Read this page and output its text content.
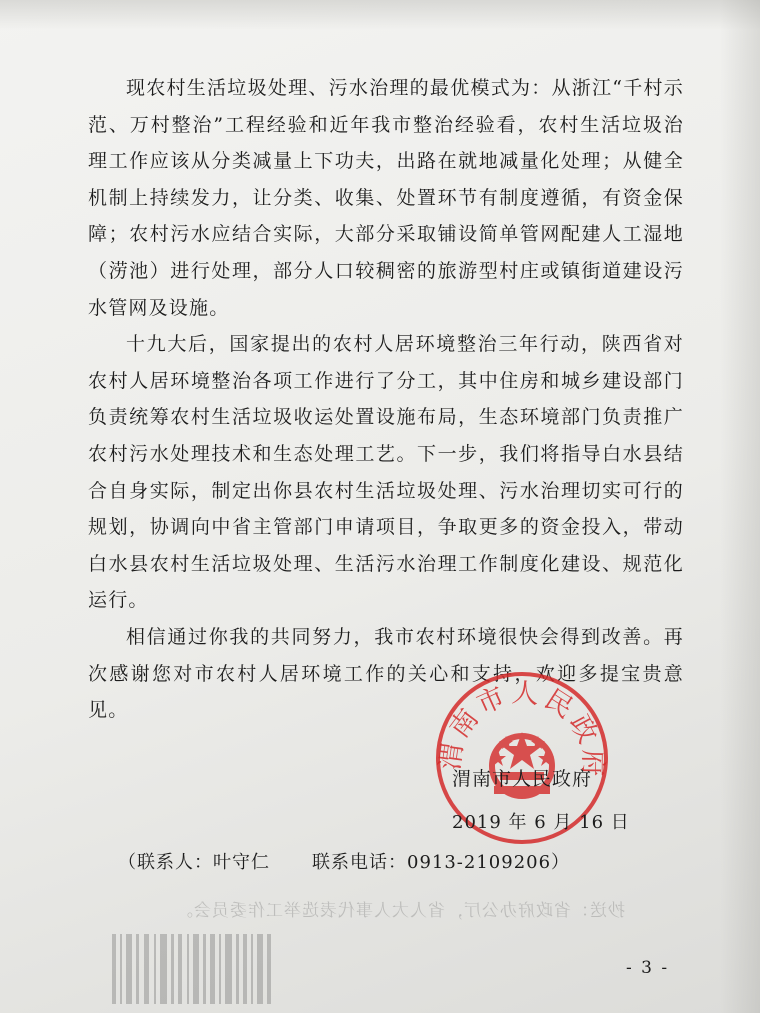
现农村生活垃圾处理、污水治理的最优模式为：从浙江“千村示范、万村整治”工程经验和近年我市整治经验看，农村生活垃圾治理工作应该从分类减量上下功夫，出路在就地减量化处理；从健全机制上持续发力，让分类、收集、处置环节有制度遵循，有资金保障；农村污水应结合实际，大部分采取铺设简单管网配建人工湿地（涝池）进行处理，部分人口较稠密的旅游型村庄或镇街道建设污水管网及设施。

十九大后，国家提出的农村人居环境整治三年行动，陕西省对农村人居环境整治各项工作进行了分工，其中住房和城乡建设部门负责统筹农村生活垃圾收运处置设施布局，生态环境部门负责推广农村污水处理技术和生态处理工艺。下一步，我们将指导白水县结合自身实际，制定出你县农村生活垃圾处理、污水治理切实可行的规划，协调向中省主管部门申请项目，争取更多的资金投入，带动白水县农村生活垃圾处理、生活污水治理工作制度化建设、规范化运行。

相信通过你我的共同努力，我市农村环境很快会得到改善。再次感谢您对市农村人居环境工作的关心和支持，欢迎多提宝贵意见。

渭南市人民政府
渭南市人民政府
2019 年 6 月 16 日
（联系人：叶守仁 联系电话：0913-2109206）
抄送：省政府办公厅，省人大人事代表选举工作委员会。
- 3 -
